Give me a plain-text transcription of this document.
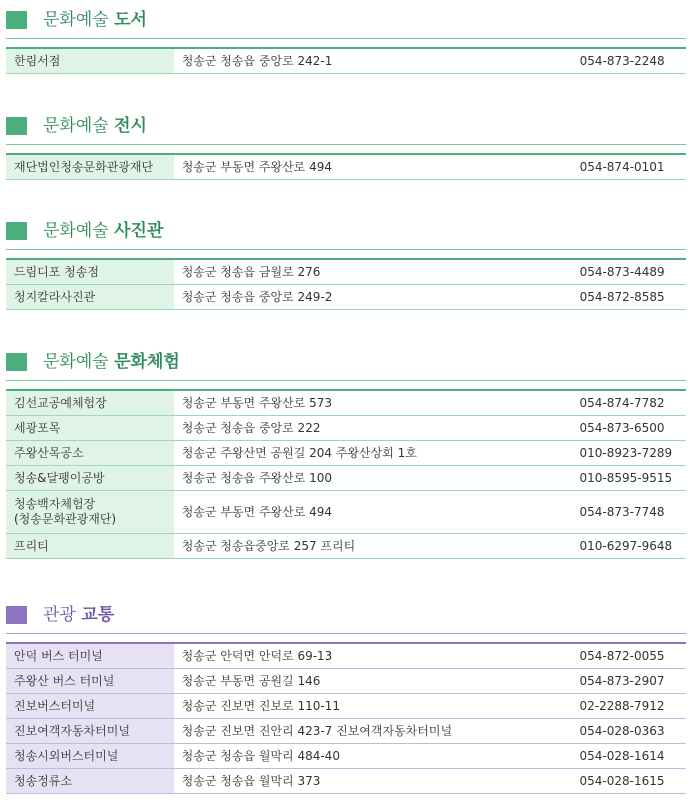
문화예술 도서
한림서점	청송군 청송읍 중앙로 242-1	054-873-2248
문화예술 전시
재단법인청송문화관광재단	청송군 부동면 주왕산로 494	054-874-0101
문화예술 사진관
드림디포 청송점	청송군 청송읍 금월로 276	054-873-4489
청지칼라사진관	청송군 청송읍 중앙로 249-2	054-872-8585
문화예술 문화체험
김선교공예체험장	청송군 부동면 주왕산로 573	054-874-7782
세광포목	청송군 청송읍 중앙로 222	054-873-6500
주왕산목공소	청송군 주왕산면 공원길 204 주왕산상회 1호	010-8923-7289
청송&달팽이공방	청송군 청송읍 주왕산로 100	010-8595-9515
청송백자체험장
(청송문화관광재단)	청송군 부동면 주왕산로 494	054-873-7748
프리티	청송군 청송읍중앙로 257 프리티	010-6297-9648
관광 교통
안덕 버스 터미널	청송군 안덕면 안덕로 69-13	054-872-0055
주왕산 버스 터미널	청송군 부동면 공원길 146	054-873-2907
진보버스터미널	청송군 진보면 진보로 110-11	02-2288-7912
진보여객자동차터미널	청송군 진보면 진안리 423-7 진보여객자동차터미널	054-028-0363
청송시외버스터미널	청송군 청송읍 월막리 484-40	054-028-1614
청송정류소	청송군 청송읍 월막리 373	054-028-1615
